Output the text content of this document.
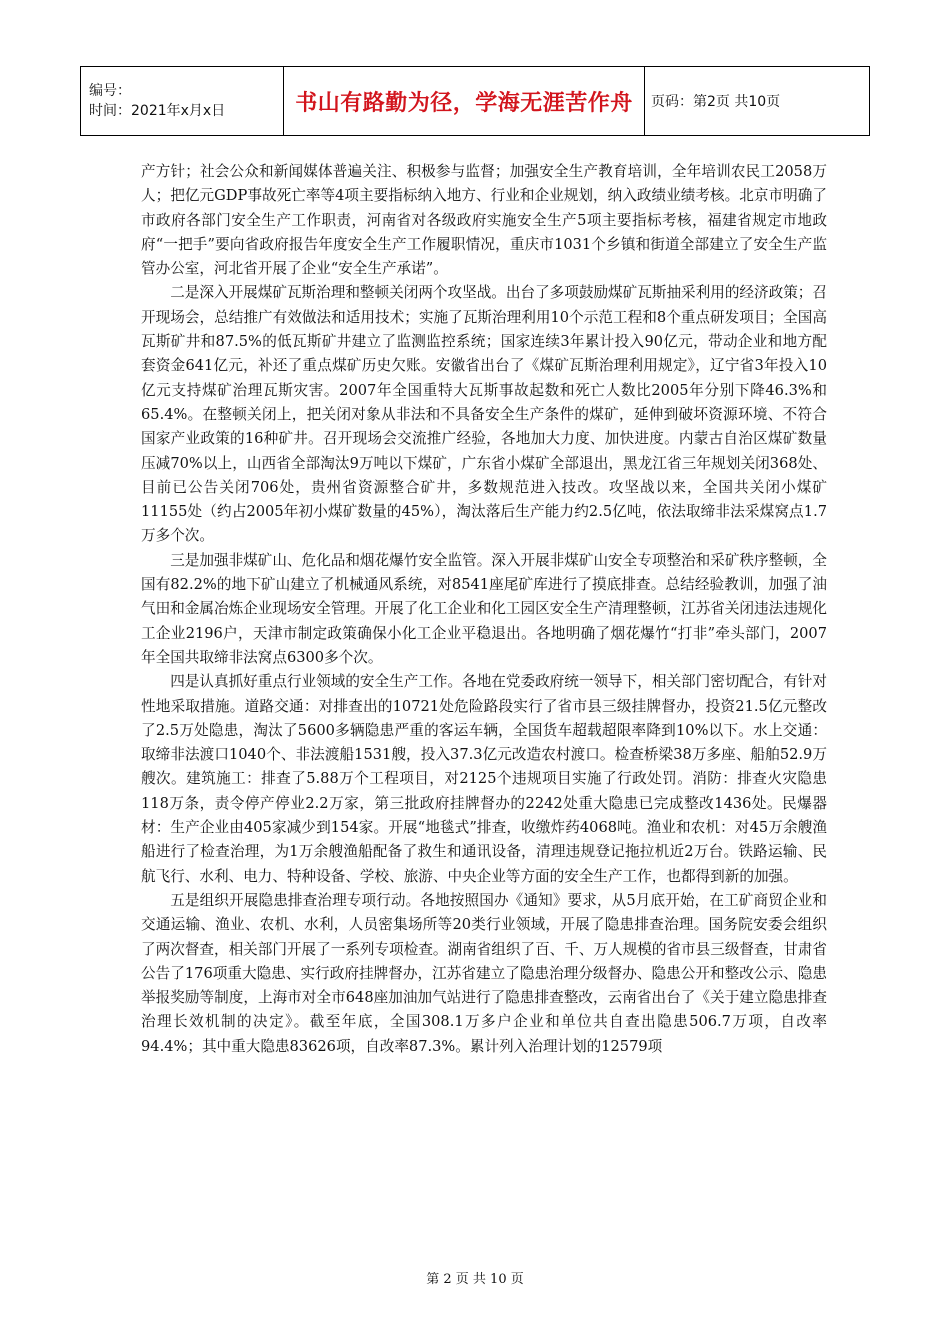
编号：
时间：2021年x月x日	书山有路勤为径，学海无涯苦作舟	页码：第2页 共10页

产方针；社会公众和新闻媒体普遍关注、积极参与监督；加强安全生产教育培训，全年培训农民工2058万人；把亿元GDP事故死亡率等4项主要指标纳入地方、行业和企业规划，纳入政绩业绩考核。北京市明确了市政府各部门安全生产工作职责，河南省对各级政府实施安全生产5项主要指标考核，福建省规定市地政府“一把手”要向省政府报告年度安全生产工作履职情况，重庆市1031个乡镇和街道全部建立了安全生产监管办公室，河北省开展了企业“安全生产承诺”。

二是深入开展煤矿瓦斯治理和整顿关闭两个攻坚战。出台了多项鼓励煤矿瓦斯抽采利用的经济政策；召开现场会，总结推广有效做法和适用技术；实施了瓦斯治理利用10个示范工程和8个重点研发项目；全国高瓦斯矿井和87.5%的低瓦斯矿井建立了监测监控系统；国家连续3年累计投入90亿元，带动企业和地方配套资金641亿元，补还了重点煤矿历史欠账。安徽省出台了《煤矿瓦斯治理利用规定》，辽宁省3年投入10亿元支持煤矿治理瓦斯灾害。2007年全国重特大瓦斯事故起数和死亡人数比2005年分别下降46.3%和65.4%。在整顿关闭上，把关闭对象从非法和不具备安全生产条件的煤矿，延伸到破坏资源环境、不符合国家产业政策的16种矿井。召开现场会交流推广经验，各地加大力度、加快进度。内蒙古自治区煤矿数量压减70%以上，山西省全部淘汰9万吨以下煤矿，广东省小煤矿全部退出，黑龙江省三年规划关闭368处、目前已公告关闭706处，贵州省资源整合矿井，多数规范进入技改。攻坚战以来，全国共关闭小煤矿11155处（约占2005年初小煤矿数量的45%），淘汰落后生产能力约2.5亿吨，依法取缔非法采煤窝点1.7万多个次。

三是加强非煤矿山、危化品和烟花爆竹安全监管。深入开展非煤矿山安全专项整治和采矿秩序整顿，全国有82.2%的地下矿山建立了机械通风系统，对8541座尾矿库进行了摸底排查。总结经验教训，加强了油气田和金属冶炼企业现场安全管理。开展了化工企业和化工园区安全生产清理整顿，江苏省关闭违法违规化工企业2196户，天津市制定政策确保小化工企业平稳退出。各地明确了烟花爆竹“打非”牵头部门，2007年全国共取缔非法窝点6300多个次。

四是认真抓好重点行业领域的安全生产工作。各地在党委政府统一领导下，相关部门密切配合，有针对性地采取措施。道路交通：对排查出的10721处危险路段实行了省市县三级挂牌督办，投资21.5亿元整改了2.5万处隐患，淘汰了5600多辆隐患严重的客运车辆，全国货车超载超限率降到10%以下。水上交通：取缔非法渡口1040个、非法渡船1531艘，投入37.3亿元改造农村渡口。检查桥梁38万多座、船舶52.9万艘次。建筑施工：排查了5.88万个工程项目，对2125个违规项目实施了行政处罚。消防：排查火灾隐患118万条，责令停产停业2.2万家，第三批政府挂牌督办的2242处重大隐患已完成整改1436处。民爆器材：生产企业由405家减少到154家。开展“地毯式”排查，收缴炸药4068吨。渔业和农机：对45万余艘渔船进行了检查治理，为1万余艘渔船配备了救生和通讯设备，清理违规登记拖拉机近2万台。铁路运输、民航飞行、水利、电力、特种设备、学校、旅游、中央企业等方面的安全生产工作，也都得到新的加强。

五是组织开展隐患排查治理专项行动。各地按照国办《通知》要求，从5月底开始，在工矿商贸企业和交通运输、渔业、农机、水利，人员密集场所等20类行业领域，开展了隐患排查治理。国务院安委会组织了两次督查，相关部门开展了一系列专项检查。湖南省组织了百、千、万人规模的省市县三级督查，甘肃省公告了176项重大隐患、实行政府挂牌督办，江苏省建立了隐患治理分级督办、隐患公开和整改公示、隐患举报奖励等制度，上海市对全市648座加油加气站进行了隐患排查整改，云南省出台了《关于建立隐患排查治理长效机制的决定》。截至年底，全国308.1万多户企业和单位共自查出隐患506.7万项，自改率94.4%；其中重大隐患83626项，自改率87.3%。累计列入治理计划的12579项

第 2 页 共 10 页
